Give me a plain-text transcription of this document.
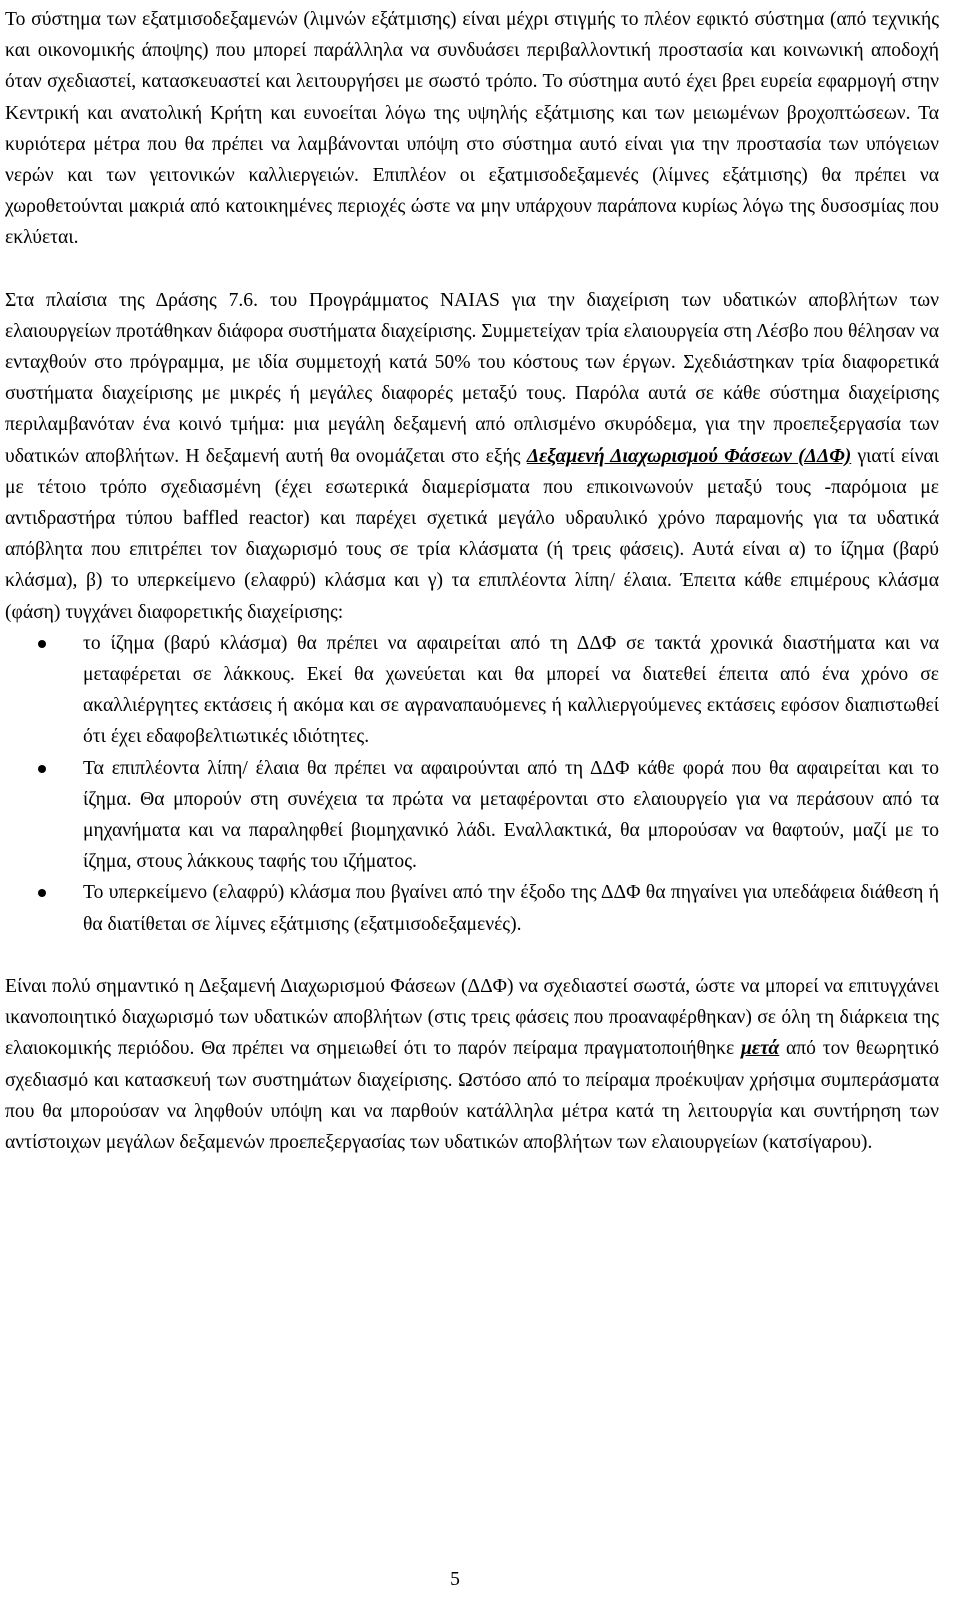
Το σύστημα των εξατμισοδεξαμενών (λιμνών εξάτμισης) είναι μέχρι στιγμής το πλέον εφικτό σύστημα (από τεχνικής και οικονομικής άποψης) που μπορεί παράλληλα να συνδυάσει περιβαλλοντική προστασία και κοινωνική αποδοχή όταν σχεδιαστεί, κατασκευαστεί και λειτουργήσει με σωστό τρόπο. Το σύστημα αυτό έχει βρει ευρεία εφαρμογή στην Κεντρική και ανατολική Κρήτη και ευνοείται λόγω της υψηλής εξάτμισης και των μειωμένων βροχοπτώσεων. Τα κυριότερα μέτρα που θα πρέπει να λαμβάνονται υπόψη στο σύστημα αυτό είναι για την προστασία των υπόγειων νερών και των γειτονικών καλλιεργειών. Επιπλέον οι εξατμισοδεξαμενές (λίμνες εξάτμισης) θα πρέπει να χωροθετούνται μακριά από κατοικημένες περιοχές ώστε να μην υπάρχουν παράπονα κυρίως λόγω της δυσοσμίας που εκλύεται.

Στα πλαίσια της Δράσης 7.6. του Προγράμματος NAIAS για την διαχείριση των υδατικών αποβλήτων των ελαιουργείων προτάθηκαν διάφορα συστήματα διαχείρισης. Συμμετείχαν τρία ελαιουργεία στη Λέσβο που θέλησαν να ενταχθούν στο πρόγραμμα, με ιδία συμμετοχή κατά 50% του κόστους των έργων. Σχεδιάστηκαν τρία διαφορετικά συστήματα διαχείρισης με μικρές ή μεγάλες διαφορές μεταξύ τους. Παρόλα αυτά σε κάθε σύστημα διαχείρισης περιλαμβανόταν ένα κοινό τμήμα: μια μεγάλη δεξαμενή από οπλισμένο σκυρόδεμα, για την προεπεξεργασία των υδατικών αποβλήτων. Η δεξαμενή αυτή θα ονομάζεται στο εξής Δεξαμενή Διαχωρισμού Φάσεων (ΔΔΦ) γιατί είναι με τέτοιο τρόπο σχεδιασμένη (έχει εσωτερικά διαμερίσματα που επικοινωνούν μεταξύ τους -παρόμοια με αντιδραστήρα τύπου baffled reactor) και παρέχει σχετικά μεγάλο υδραυλικό χρόνο παραμονής για τα υδατικά απόβλητα που επιτρέπει τον διαχωρισμό τους σε τρία κλάσματα (ή τρεις φάσεις). Αυτά είναι α) το ίζημα (βαρύ κλάσμα), β) το υπερκείμενο (ελαφρύ) κλάσμα και γ) τα επιπλέοντα λίπη/ έλαια. Έπειτα κάθε επιμέρους κλάσμα (φάση) τυγχάνει διαφορετικής διαχείρισης:

το ίζημα (βαρύ κλάσμα) θα πρέπει να αφαιρείται από τη ΔΔΦ σε τακτά χρονικά διαστήματα και να μεταφέρεται σε λάκκους. Εκεί θα χωνεύεται και θα μπορεί να διατεθεί έπειτα από ένα χρόνο σε ακαλλιέργητες εκτάσεις ή ακόμα και σε αγραναπαυόμενες ή καλλιεργούμενες εκτάσεις εφόσον διαπιστωθεί ότι έχει εδαφοβελτιωτικές ιδιότητες.
Τα επιπλέοντα λίπη/ έλαια θα πρέπει να αφαιρούνται από τη ΔΔΦ κάθε φορά που θα αφαιρείται και το ίζημα. Θα μπορούν στη συνέχεια τα πρώτα να μεταφέρονται στο ελαιουργείο για να περάσουν από τα μηχανήματα και να παραληφθεί βιομηχανικό λάδι. Εναλλακτικά, θα μπορούσαν να θαφτούν, μαζί με το ίζημα, στους λάκκους ταφής του ιζήματος.
Το υπερκείμενο (ελαφρύ) κλάσμα που βγαίνει από την έξοδο της ΔΔΦ θα πηγαίνει για υπεδάφεια διάθεση ή θα διατίθεται σε λίμνες εξάτμισης (εξατμισοδεξαμενές).

Είναι πολύ σημαντικό η Δεξαμενή Διαχωρισμού Φάσεων (ΔΔΦ) να σχεδιαστεί σωστά, ώστε να μπορεί να επιτυγχάνει ικανοποιητικό διαχωρισμό των υδατικών αποβλήτων (στις τρεις φάσεις που προαναφέρθηκαν) σε όλη τη διάρκεια της ελαιοκομικής περιόδου. Θα πρέπει να σημειωθεί ότι το παρόν πείραμα πραγματοποιήθηκε μετά από τον θεωρητικό σχεδιασμό και κατασκευή των συστημάτων διαχείρισης. Ωστόσο από το πείραμα προέκυψαν χρήσιμα συμπεράσματα που θα μπορούσαν να ληφθούν υπόψη και να παρθούν κατάλληλα μέτρα κατά τη λειτουργία και συντήρηση των αντίστοιχων μεγάλων δεξαμενών προεπεξεργασίας των υδατικών αποβλήτων των ελαιουργείων (κατσίγαρου).

5
